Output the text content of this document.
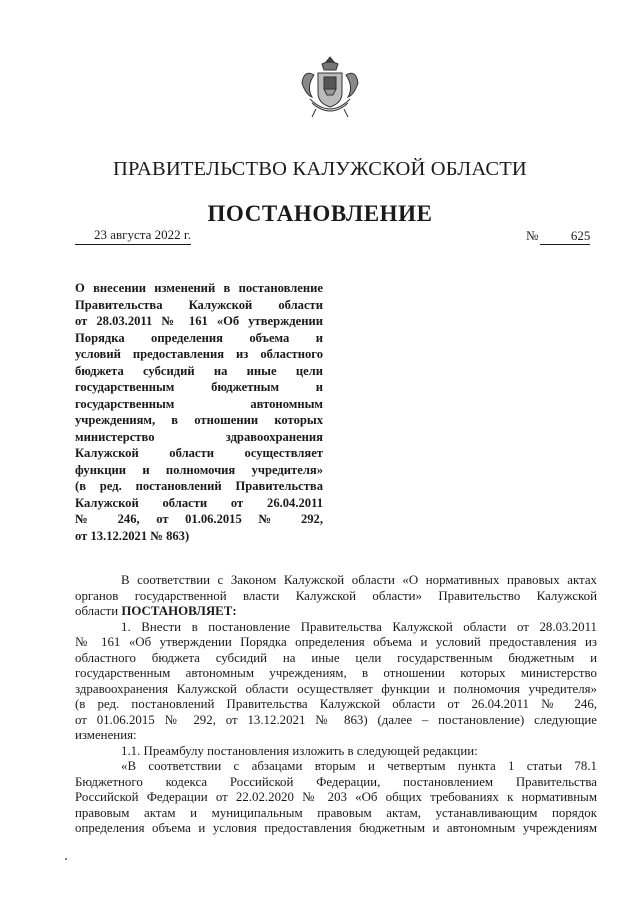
ПРАВИТЕЛЬСТВО КАЛУЖСКОЙ ОБЛАСТИ
ПОСТАНОВЛЕНИЕ
23 августа 2022 г.	№	625
О внесении изменений в постановление
Правительства Калужской области
от 28.03.2011 № 161 «Об утверждении
Порядка определения объема и
условий предоставления из областного
бюджета субсидий на иные цели
государственным бюджетным и
государственным автономным
учреждениям, в отношении которых
министерство здравоохранения
Калужской области осуществляет
функции и полномочия учредителя»
(в ред. постановлений Правительства
Калужской области от 26.04.2011
№ 246, от 01.06.2015 № 292,
от 13.12.2021 № 863)
В соответствии с Законом Калужской области «О нормативных правовых актах
органов государственной власти Калужской области» Правительство Калужской
области ПОСТАНОВЛЯЕТ:
1. Внести в постановление Правительства Калужской области от 28.03.2011
№ 161 «Об утверждении Порядка определения объема и условий предоставления из
областного бюджета субсидий на иные цели государственным бюджетным и
государственным автономным учреждениям, в отношении которых министерство
здравоохранения Калужской области осуществляет функции и полномочия учредителя»
(в ред. постановлений Правительства Калужской области от 26.04.2011 № 246,
от 01.06.2015 № 292, от 13.12.2021 № 863) (далее – постановление) следующие
изменения:
1.1. Преамбулу постановления изложить в следующей редакции:
«В соответствии с абзацами вторым и четвертым пункта 1 статьи 78.1
Бюджетного кодекса Российской Федерации, постановлением Правительства
Российской Федерации от 22.02.2020 № 203 «Об общих требованиях к нормативным
правовым актам и муниципальным правовым актам, устанавливающим порядок
определения объема и условия предоставления бюджетным и автономным учреждениям
